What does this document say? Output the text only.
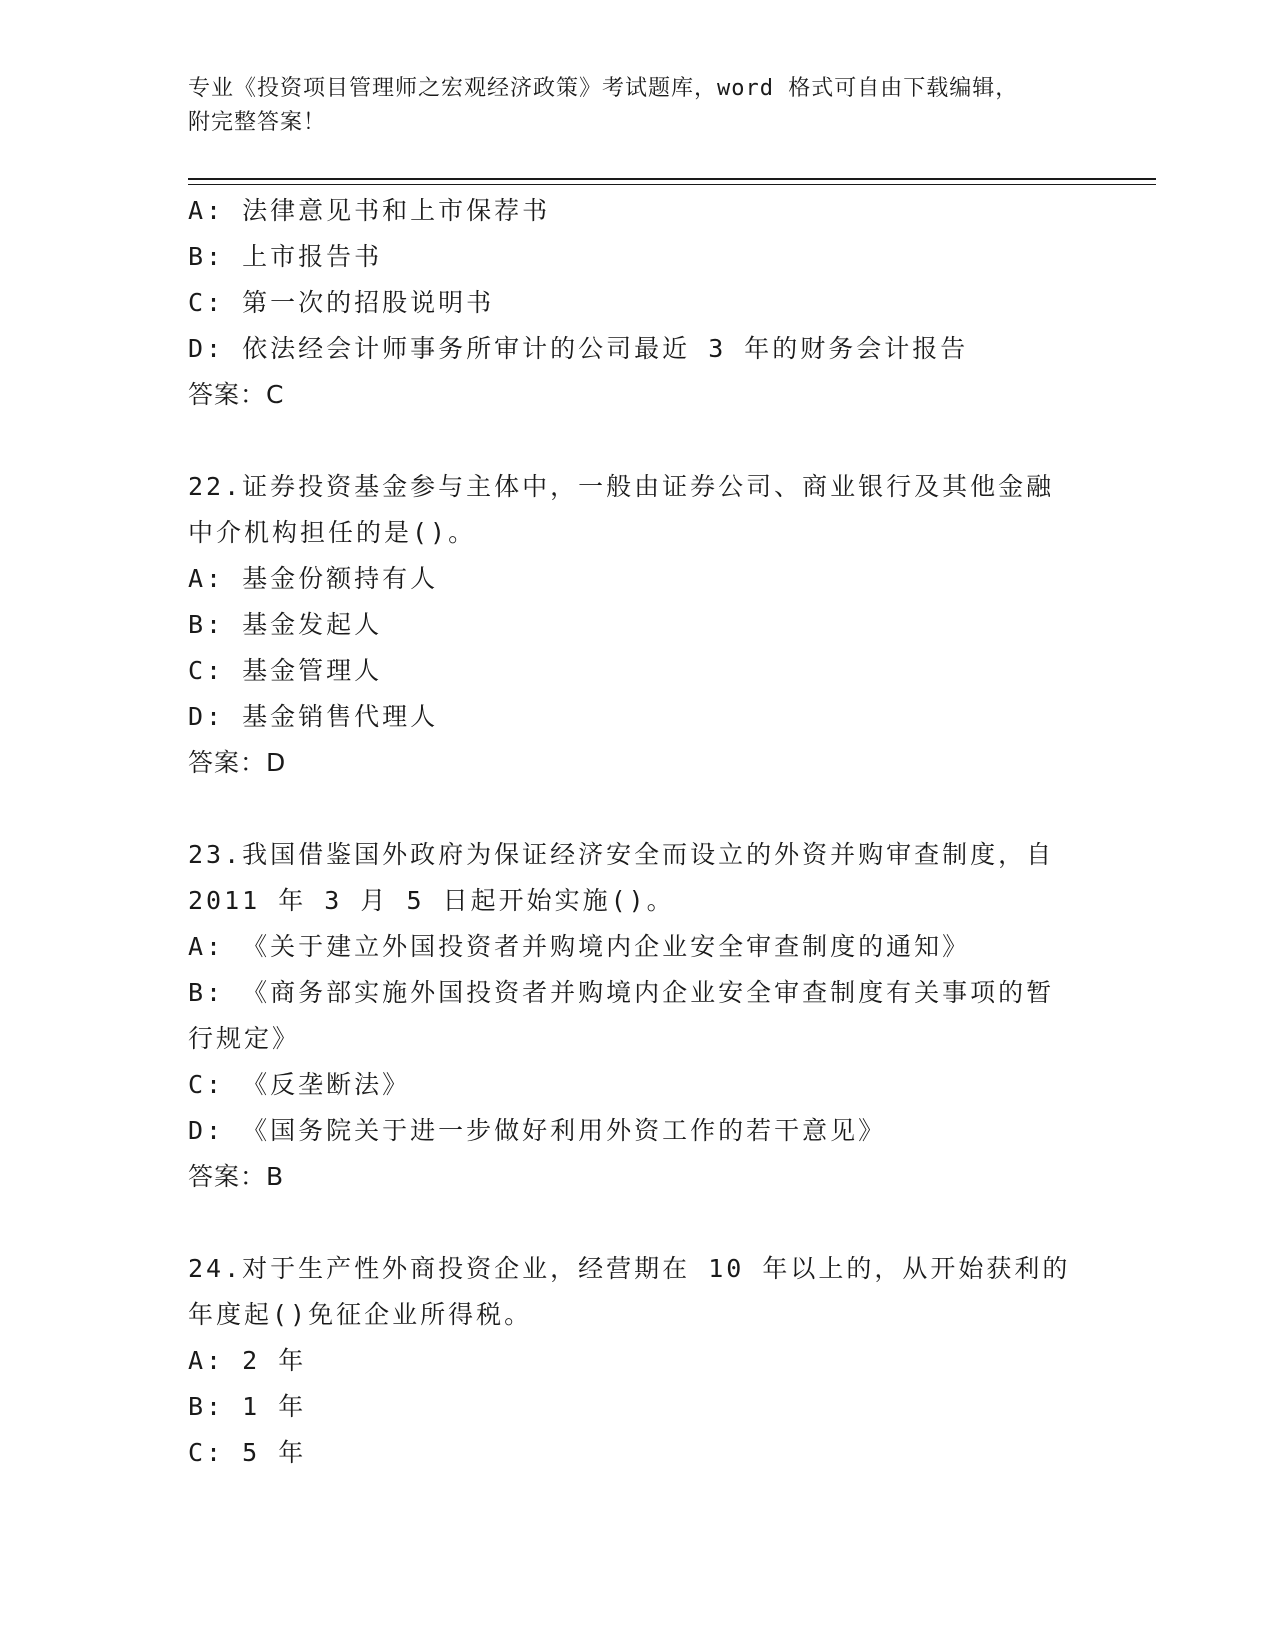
专业《投资项目管理师之宏观经济政策》考试题库，word 格式可自由下载编辑，
附完整答案！
A: 法律意见书和上市保荐书
B: 上市报告书
C: 第一次的招股说明书
D: 依法经会计师事务所审计的公司最近 3 年的财务会计报告
答案：C
22.证券投资基金参与主体中，一般由证券公司、商业银行及其他金融
中介机构担任的是()。
A: 基金份额持有人
B: 基金发起人
C: 基金管理人
D: 基金销售代理人
答案：D
23.我国借鉴国外政府为保证经济安全而设立的外资并购审查制度，自
2011 年 3 月 5 日起开始实施()。
A: 《关于建立外国投资者并购境内企业安全审查制度的通知》
B: 《商务部实施外国投资者并购境内企业安全审查制度有关事项的暂
行规定》
C: 《反垄断法》
D: 《国务院关于进一步做好利用外资工作的若干意见》
答案：B
24.对于生产性外商投资企业，经营期在 10 年以上的，从开始获利的
年度起()免征企业所得税。
A: 2 年
B: 1 年
C: 5 年
